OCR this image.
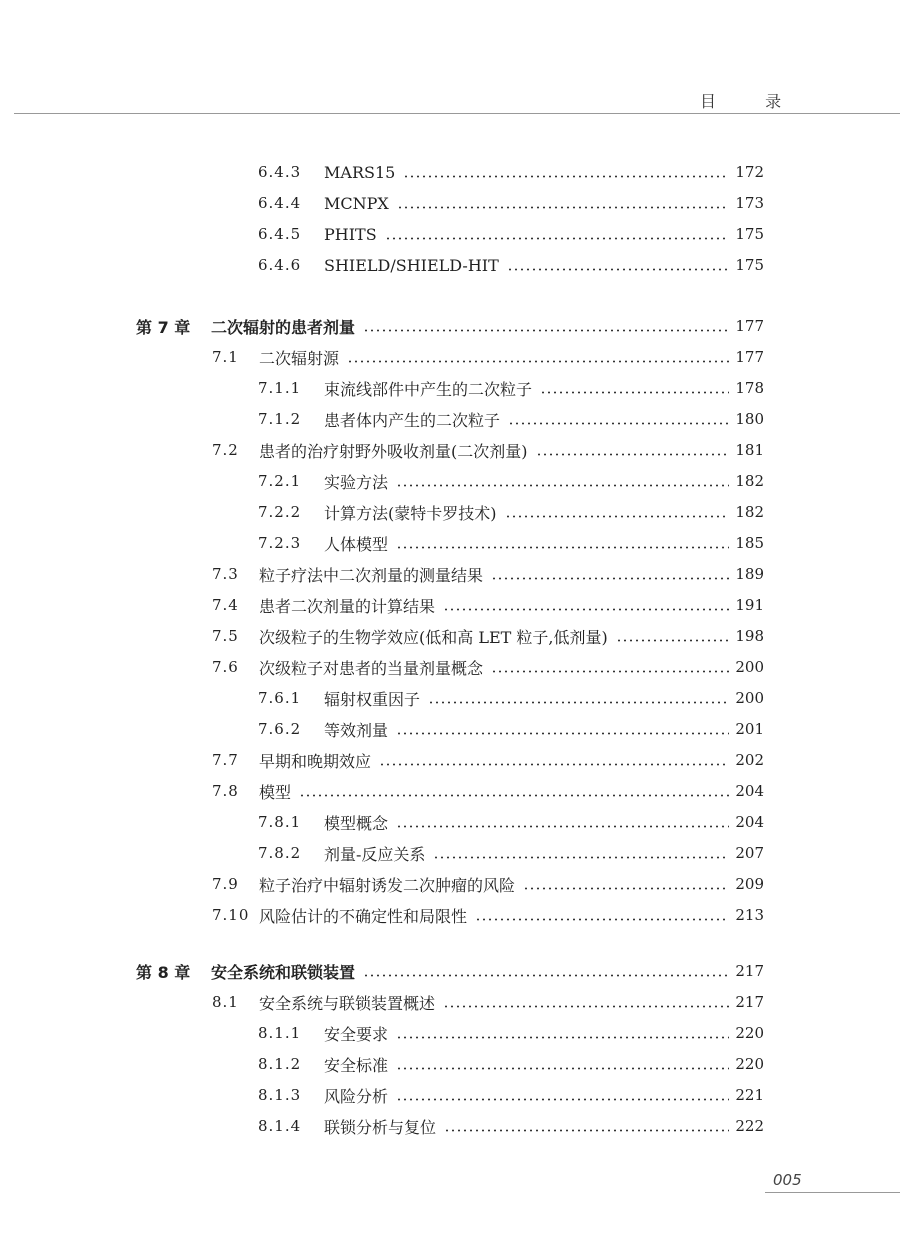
目 录
6.4.3	MARS15	172
6.4.4	MCNPX	173
6.4.5	PHITS	175
6.4.6	SHIELD/SHIELD-HIT	175
第 7 章	二次辐射的患者剂量	177
7.1	二次辐射源	177
7.1.1	束流线部件中产生的二次粒子	178
7.1.2	患者体内产生的二次粒子	180
7.2	患者的治疗射野外吸收剂量(二次剂量)	181
7.2.1	实验方法	182
7.2.2	计算方法(蒙特卡罗技术)	182
7.2.3	人体模型	185
7.3	粒子疗法中二次剂量的测量结果	189
7.4	患者二次剂量的计算结果	191
7.5	次级粒子的生物学效应(低和高 LET 粒子,低剂量)	198
7.6	次级粒子对患者的当量剂量概念	200
7.6.1	辐射权重因子	200
7.6.2	等效剂量	201
7.7	早期和晚期效应	202
7.8	模型	204
7.8.1	模型概念	204
7.8.2	剂量-反应关系	207
7.9	粒子治疗中辐射诱发二次肿瘤的风险	209
7.10 风险估计的不确定性和局限性	213
第 8 章	安全系统和联锁装置	217
8.1	安全系统与联锁装置概述	217
8.1.1	安全要求	220
8.1.2	安全标准	220
8.1.3	风险分析	221
8.1.4	联锁分析与复位	222
005
